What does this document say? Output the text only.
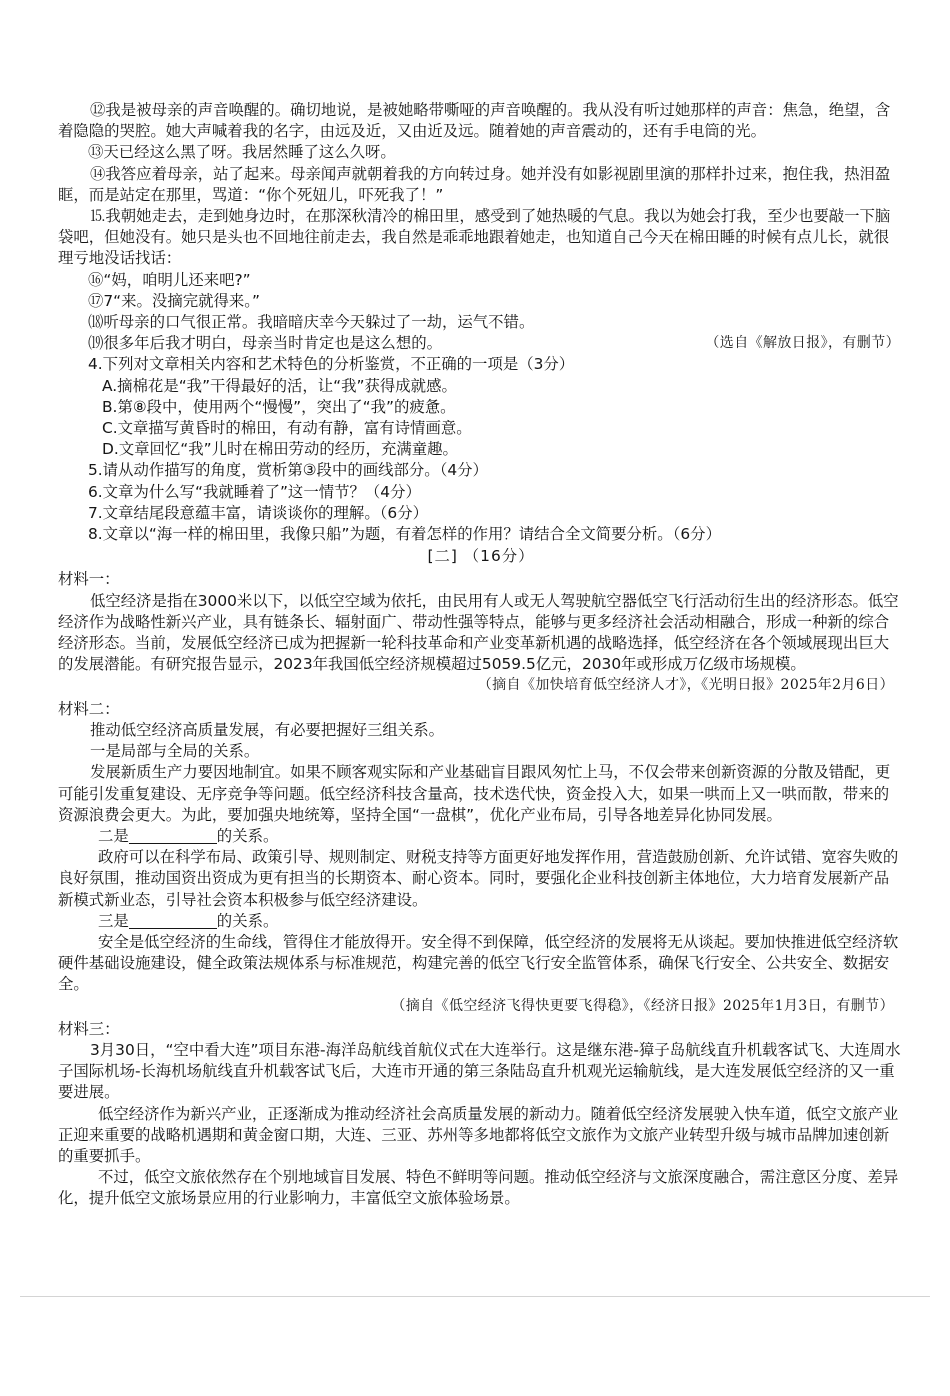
⑫我是被母亲的声音唤醒的。确切地说，是被她略带嘶哑的声音唤醒的。我从没有听过她那样的声音：焦急，绝望，含着隐隐的哭腔。她大声喊着我的名字，由远及近，又由近及远。随着她的声音震动的，还有手电筒的光。

⑬天已经这么黑了呀。我居然睡了这么久呀。

⑭我答应着母亲，站了起来。母亲闻声就朝着我的方向转过身。她并没有如影视剧里演的那样扑过来，抱住我，热泪盈眶，而是站定在那里，骂道：“你个死妞儿，吓死我了！”

⒖我朝她走去，走到她身边时，在那深秋清冷的棉田里，感受到了她热暖的气息。我以为她会打我，至少也要敲一下脑袋吧，但她没有。她只是头也不回地往前走去，我自然是乖乖地跟着她走，也知道自己今天在棉田睡的时候有点儿长，就很理亏地没话找话：

⑯“妈，咱明儿还来吧?”

⑰7“来。没摘完就得来。”

⒅听母亲的口气很正常。我暗暗庆幸今天躲过了一劫，运气不错。

⒆很多年后我才明白，母亲当时肯定也是这么想的。	（选自《解放日报》，有删节）

4.下列对文章相关内容和艺术特色的分析鉴赏，不正确的一项是（3分）

A.摘棉花是“我”干得最好的活，让“我”获得成就感。

B.第⑧段中，使用两个“慢慢”，突出了“我”的疲惫。

C.文章描写黄昏时的棉田，有动有静，富有诗情画意。

D.文章回忆“我”儿时在棉田劳动的经历，充满童趣。

5.请从动作描写的角度，赏析第③段中的画线部分。（4分）

6.文章为什么写“我就睡着了”这一情节？（4分）

7.文章结尾段意蕴丰富，请谈谈你的理解。（6分）

8.文章以“海一样的棉田里，我像只船”为题，有着怎样的作用？请结合全文简要分析。（6分）

[二] （16分）

材料一：

低空经济是指在3000米以下，以低空空域为依托，由民用有人或无人驾驶航空器低空飞行活动衍生出的经济形态。低空经济作为战略性新兴产业，具有链条长、辐射面广、带动性强等特点，能够与更多经济社会活动相融合，形成一种新的综合经济形态。当前，发展低空经济已成为把握新一轮科技革命和产业变革新机遇的战略选择，低空经济在各个领域展现出巨大的发展潜能。有研究报告显示，2023年我国低空经济规模超过5059.5亿元，2030年或形成万亿级市场规模。

（摘自《加快培育低空经济人才》，《光明日报》2025年2月6日）

材料二：

推动低空经济高质量发展，有必要把握好三组关系。

一是局部与全局的关系。

发展新质生产力要因地制宜。如果不顾客观实际和产业基础盲目跟风匆忙上马，不仅会带来创新资源的分散及错配，更可能引发重复建设、无序竞争等问题。低空经济科技含量高，技术迭代快，资金投入大，如果一哄而上又一哄而散，带来的资源浪费会更大。为此，要加强央地统筹，坚持全国“一盘棋”，优化产业布局，引导各地差异化协同发展。

二是	的关系。

政府可以在科学布局、政策引导、规则制定、财税支持等方面更好地发挥作用，营造鼓励创新、允许试错、宽容失败的良好氛围，推动国资出资成为更有担当的长期资本、耐心资本。同时，要强化企业科技创新主体地位，大力培育发展新产品新模式新业态，引导社会资本积极参与低空经济建设。

三是	的关系。

安全是低空经济的生命线，管得住才能放得开。安全得不到保障，低空经济的发展将无从谈起。要加快推进低空经济软硬件基础设施建设，健全政策法规体系与标准规范，构建完善的低空飞行安全监管体系，确保飞行安全、公共安全、数据安全。

（摘自《低空经济飞得快更要飞得稳》，《经济日报》2025年1月3日，有删节）

材料三：

3月30日，“空中看大连”项目东港-海洋岛航线首航仪式在大连举行。这是继东港-獐子岛航线直升机载客试飞、大连周水子国际机场-长海机场航线直升机载客试飞后，大连市开通的第三条陆岛直升机观光运输航线，是大连发展低空经济的又一重要进展。

低空经济作为新兴产业，正逐渐成为推动经济社会高质量发展的新动力。随着低空经济发展驶入快车道，低空文旅产业正迎来重要的战略机遇期和黄金窗口期，大连、三亚、苏州等多地都将低空文旅作为文旅产业转型升级与城市品牌加速创新的重要抓手。

不过，低空文旅依然存在个别地域盲目发展、特色不鲜明等问题。推动低空经济与文旅深度融合，需注意区分度、差异化，提升低空文旅场景应用的行业影响力，丰富低空文旅体验场景。
